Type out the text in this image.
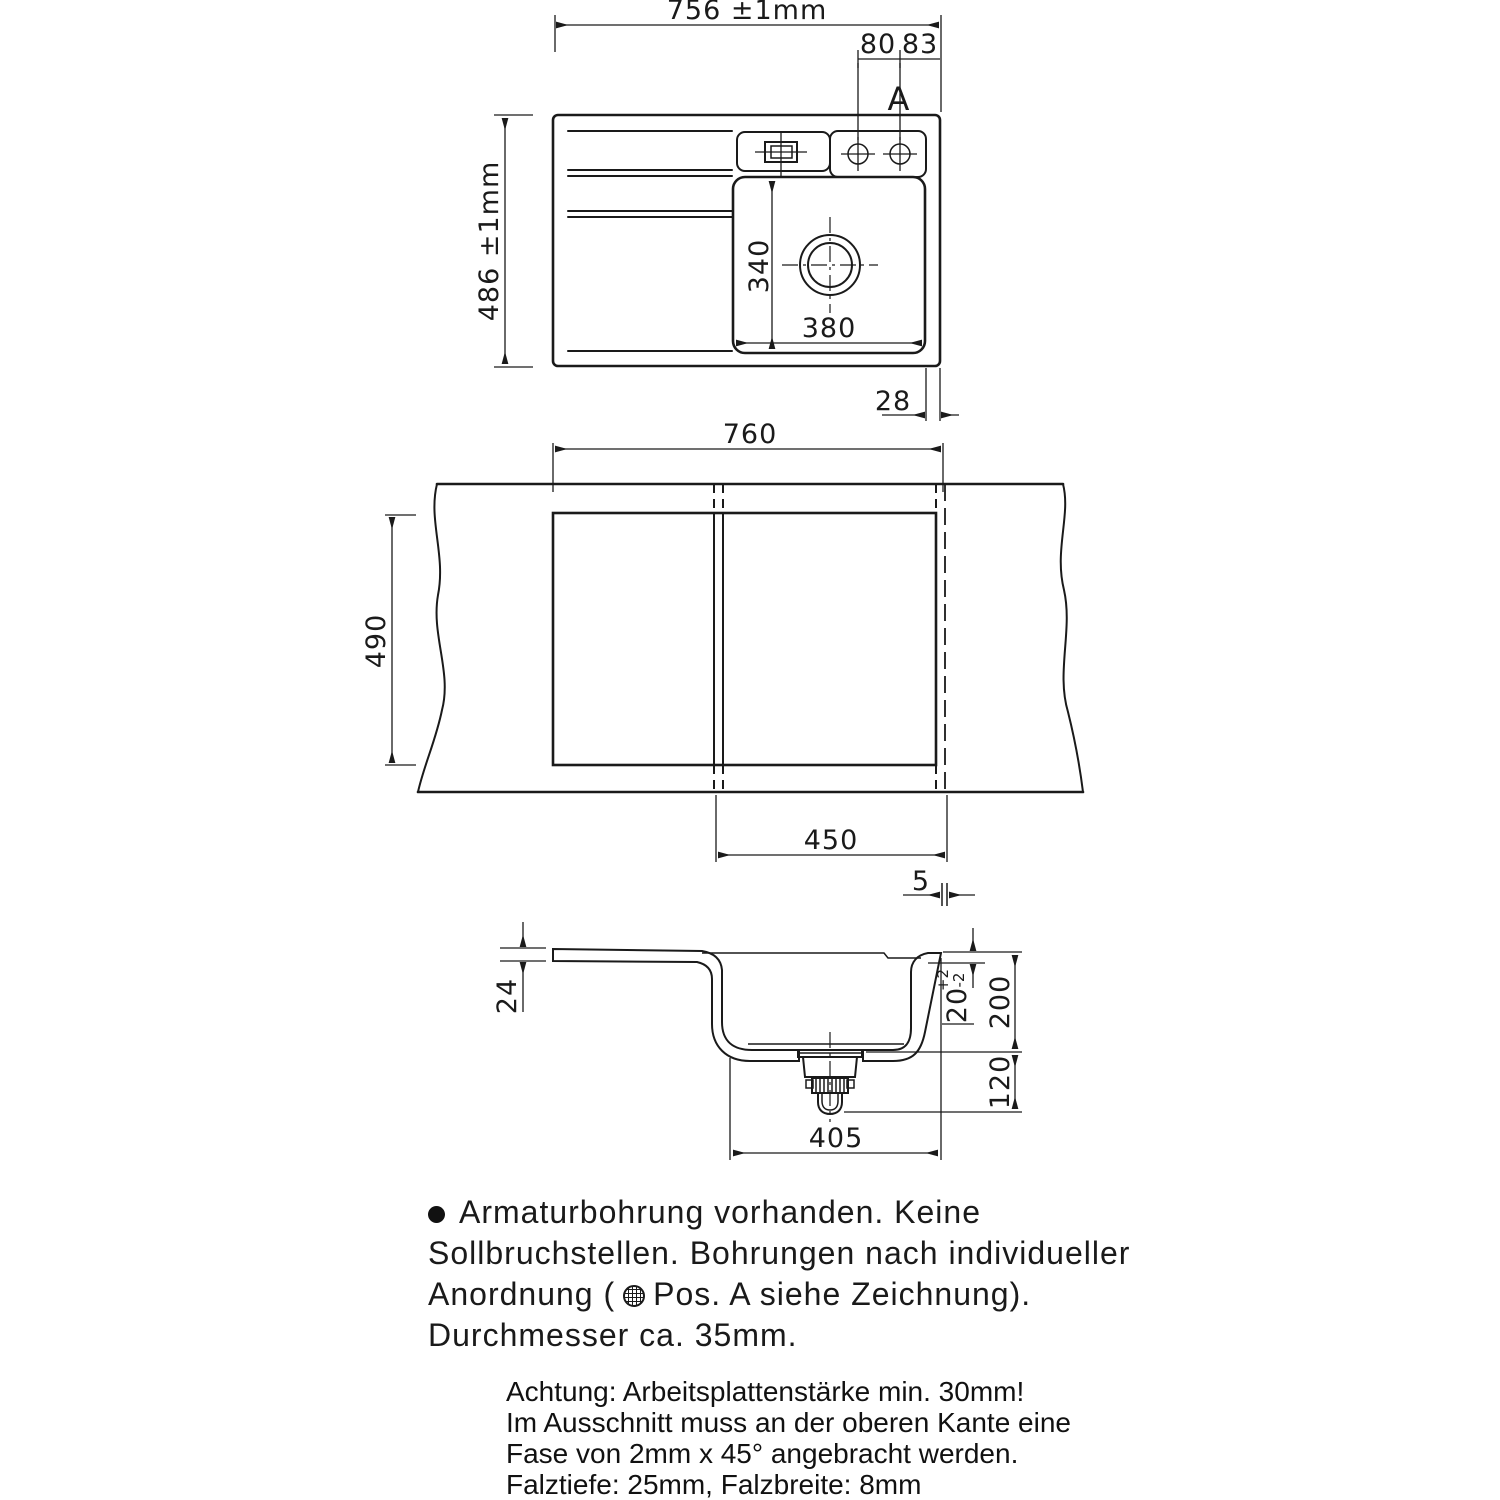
756 ±1mm
80 83
A
486 ±1mm	340
380
28
760
490
450
5
24	20
+2
-2 200
120
405
Armaturbohrung vorhanden. Keine
Sollbruchstellen. Bohrungen nach individueller
Anordnung ( Pos. A siehe Zeichnung).
Durchmesser ca. 35mm.
Achtung: Arbeitsplattenstärke min. 30mm!
Im Ausschnitt muss an der oberen Kante eine
Fase von 2mm x 45° angebracht werden.
Falztiefe: 25mm, Falzbreite: 8mm
